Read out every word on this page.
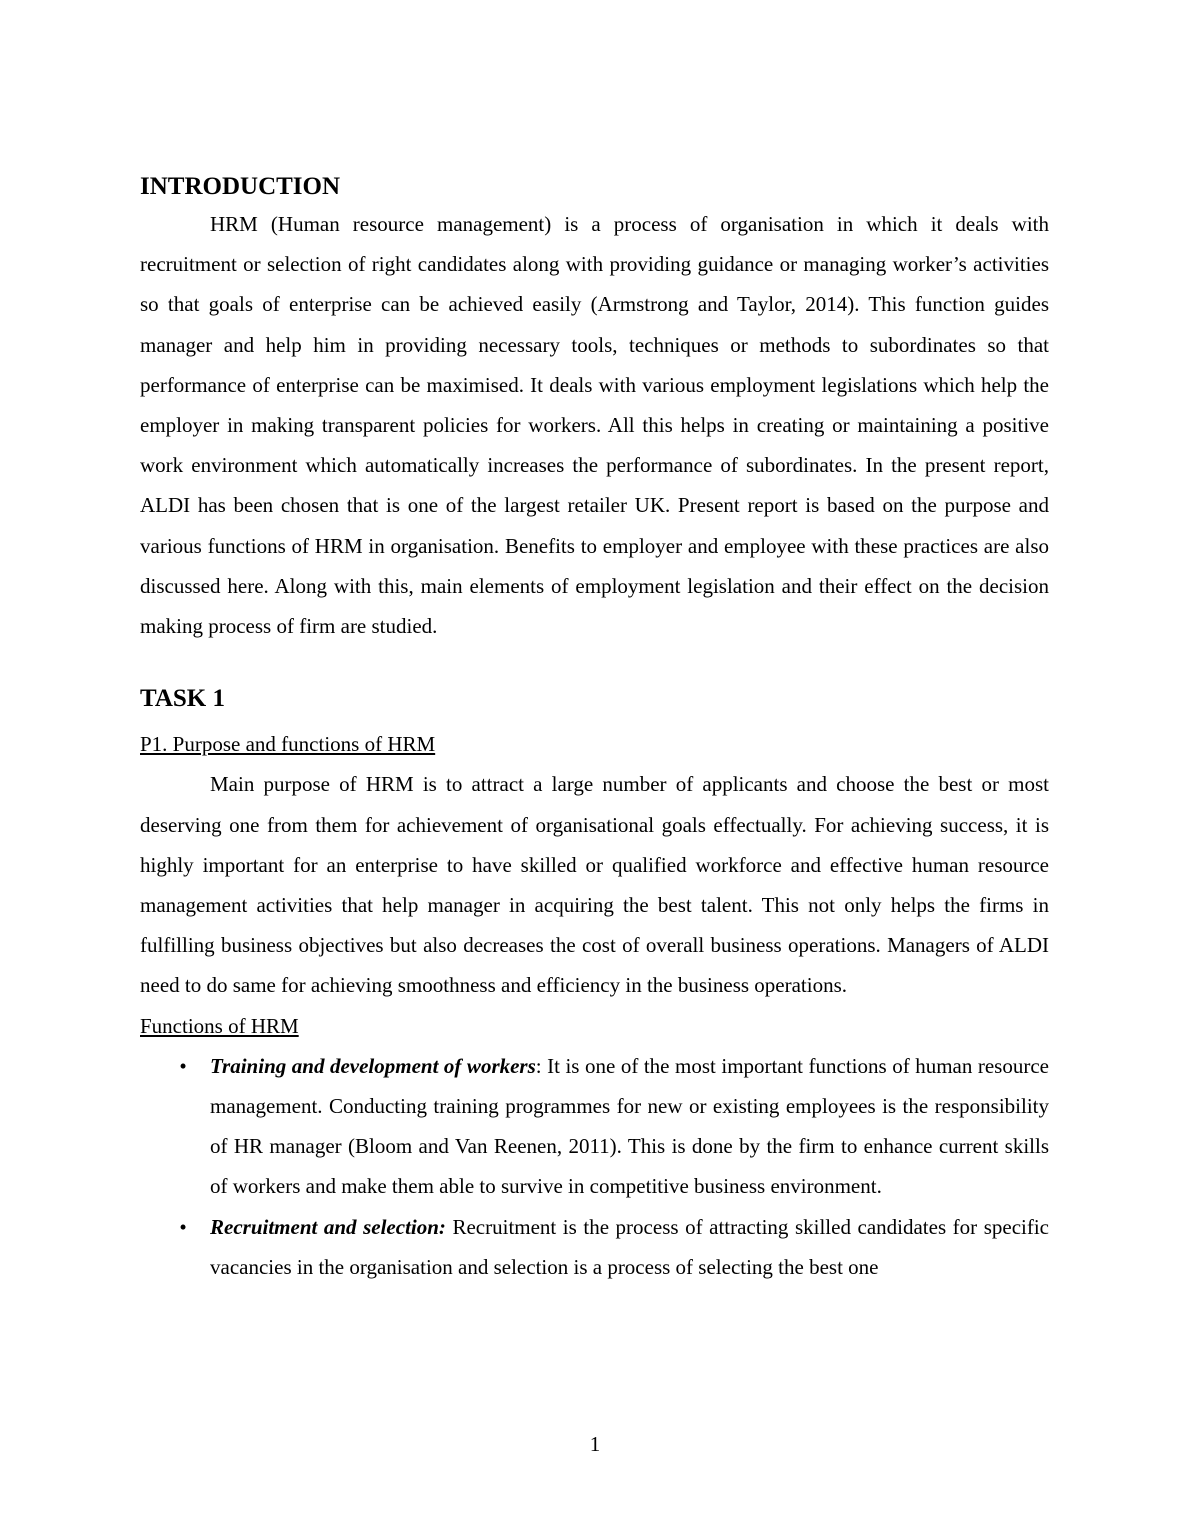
INTRODUCTION

HRM (Human resource management) is a process of organisation in which it deals with recruitment or selection of right candidates along with providing guidance or managing worker’s activities so that goals of enterprise can be achieved easily (Armstrong and Taylor, 2014). This function guides manager and help him in providing necessary tools, techniques or methods to subordinates so that performance of enterprise can be maximised. It deals with various employment legislations which help the employer in making transparent policies for workers. All this helps in creating or maintaining a positive work environment which automatically increases the performance of subordinates. In the present report, ALDI has been chosen that is one of the largest retailer UK. Present report is based on the purpose and various functions of HRM in organisation. Benefits to employer and employee with these practices are also discussed here. Along with this, main elements of employment legislation and their effect on the decision making process of firm are studied.

TASK 1

P1. Purpose and functions of HRM

Main purpose of HRM is to attract a large number of applicants and choose the best or most deserving one from them for achievement of organisational goals effectually. For achieving success, it is highly important for an enterprise to have skilled or qualified workforce and effective human resource management activities that help manager in acquiring the best talent. This not only helps the firms in fulfilling business objectives but also decreases the cost of overall business operations. Managers of ALDI need to do same for achieving smoothness and efficiency in the business operations.

Functions of HRM

• Training and development of workers: It is one of the most important functions of human resource management. Conducting training programmes for new or existing employees is the responsibility of HR manager (Bloom and Van Reenen, 2011). This is done by the firm to enhance current skills of workers and make them able to survive in competitive business environment.
• Recruitment and selection: Recruitment is the process of attracting skilled candidates for specific vacancies in the organisation and selection is a process of selecting the best one
1
